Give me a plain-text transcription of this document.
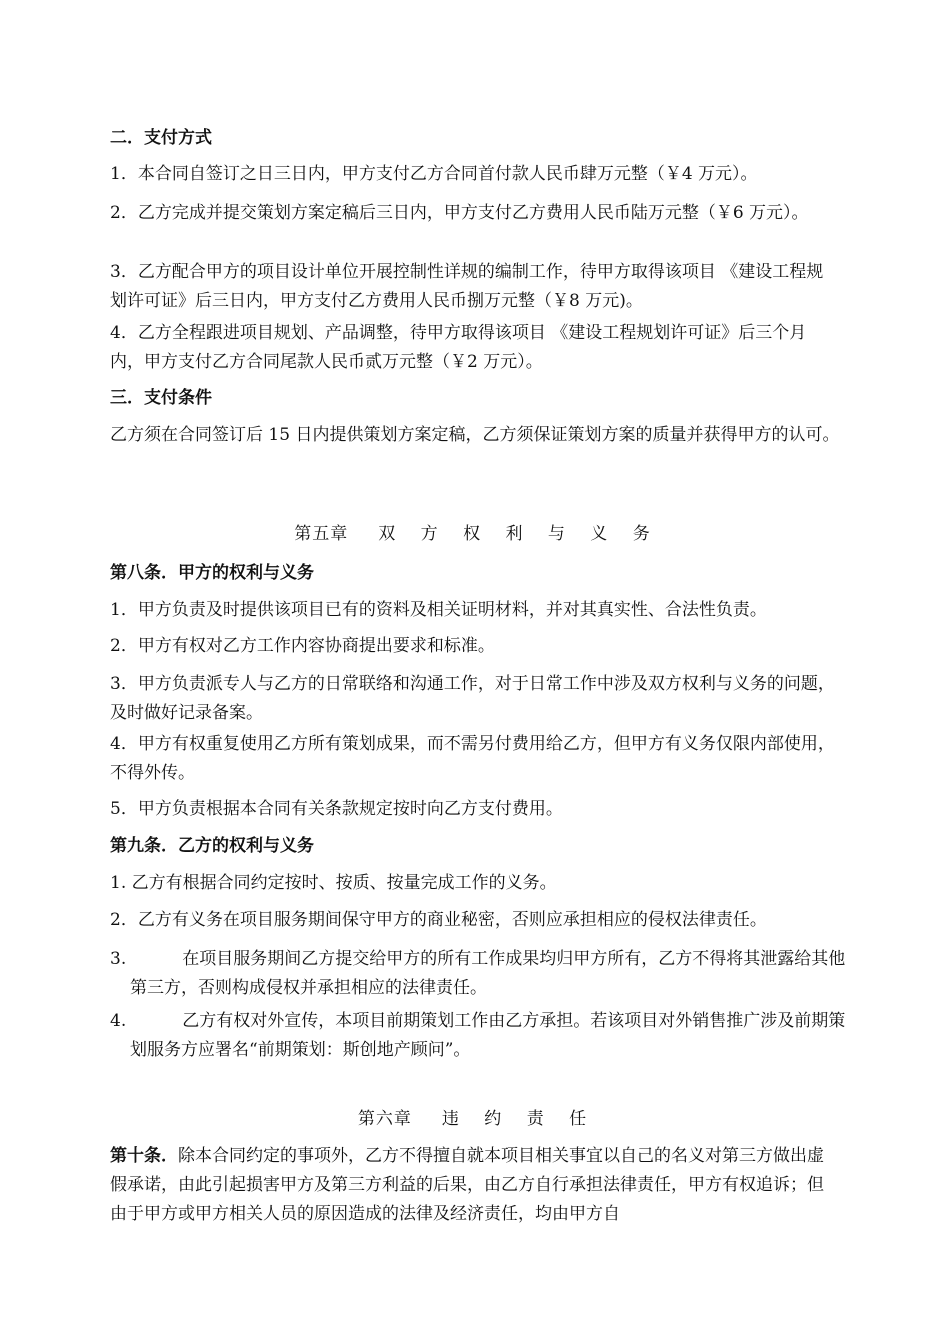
二．支付方式

1．本合同自签订之日三日内，甲方支付乙方合同首付款人民币肆万元整（￥4 万元）。

2．乙方完成并提交策划方案定稿后三日内，甲方支付乙方费用人民币陆万元整（￥6 万元）。

3．乙方配合甲方的项目设计单位开展控制性详规的编制工作，待甲方取得该项目 《建设工程规划许可证》后三日内，甲方支付乙方费用人民币捌万元整（￥8 万元)。

4．乙方全程跟进项目规划、产品调整，待甲方取得该项目 《建设工程规划许可证》后三个月内，甲方支付乙方合同尾款人民币贰万元整（￥2 万元）。

三．支付条件

乙方须在合同签订后 15 日内提供策划方案定稿，乙方须保证策划方案的质量并获得甲方的认可。

第五章 双 方 权 利 与 义 务

第八条．甲方的权利与义务

1．甲方负责及时提供该项目已有的资料及相关证明材料，并对其真实性、合法性负责。

2．甲方有权对乙方工作内容协商提出要求和标准。

3．甲方负责派专人与乙方的日常联络和沟通工作，对于日常工作中涉及双方权利与义务的问题，及时做好记录备案。

4．甲方有权重复使用乙方所有策划成果，而不需另付费用给乙方，但甲方有义务仅限内部使用，不得外传。

5．甲方负责根据本合同有关条款规定按时向乙方支付费用。

第九条．乙方的权利与义务

1. 乙方有根据合同约定按时、按质、按量完成工作的义务。

2．乙方有义务在项目服务期间保守甲方的商业秘密，否则应承担相应的侵权法律责任。

3.	在项目服务期间乙方提交给甲方的所有工作成果均归甲方所有，乙方不得将其泄露给其他第三方，否则构成侵权并承担相应的法律责任。

4.	乙方有权对外宣传，本项目前期策划工作由乙方承担。若该项目对外销售推广涉及前期策划服务方应署名“前期策划：斯创地产顾问”。

第六章 违 约 责 任

第十条．除本合同约定的事项外，乙方不得擅自就本项目相关事宜以自己的名义对第三方做出虚假承诺，由此引起损害甲方及第三方利益的后果，由乙方自行承担法律责任，甲方有权追诉；但由于甲方或甲方相关人员的原因造成的法律及经济责任，均由甲方自
